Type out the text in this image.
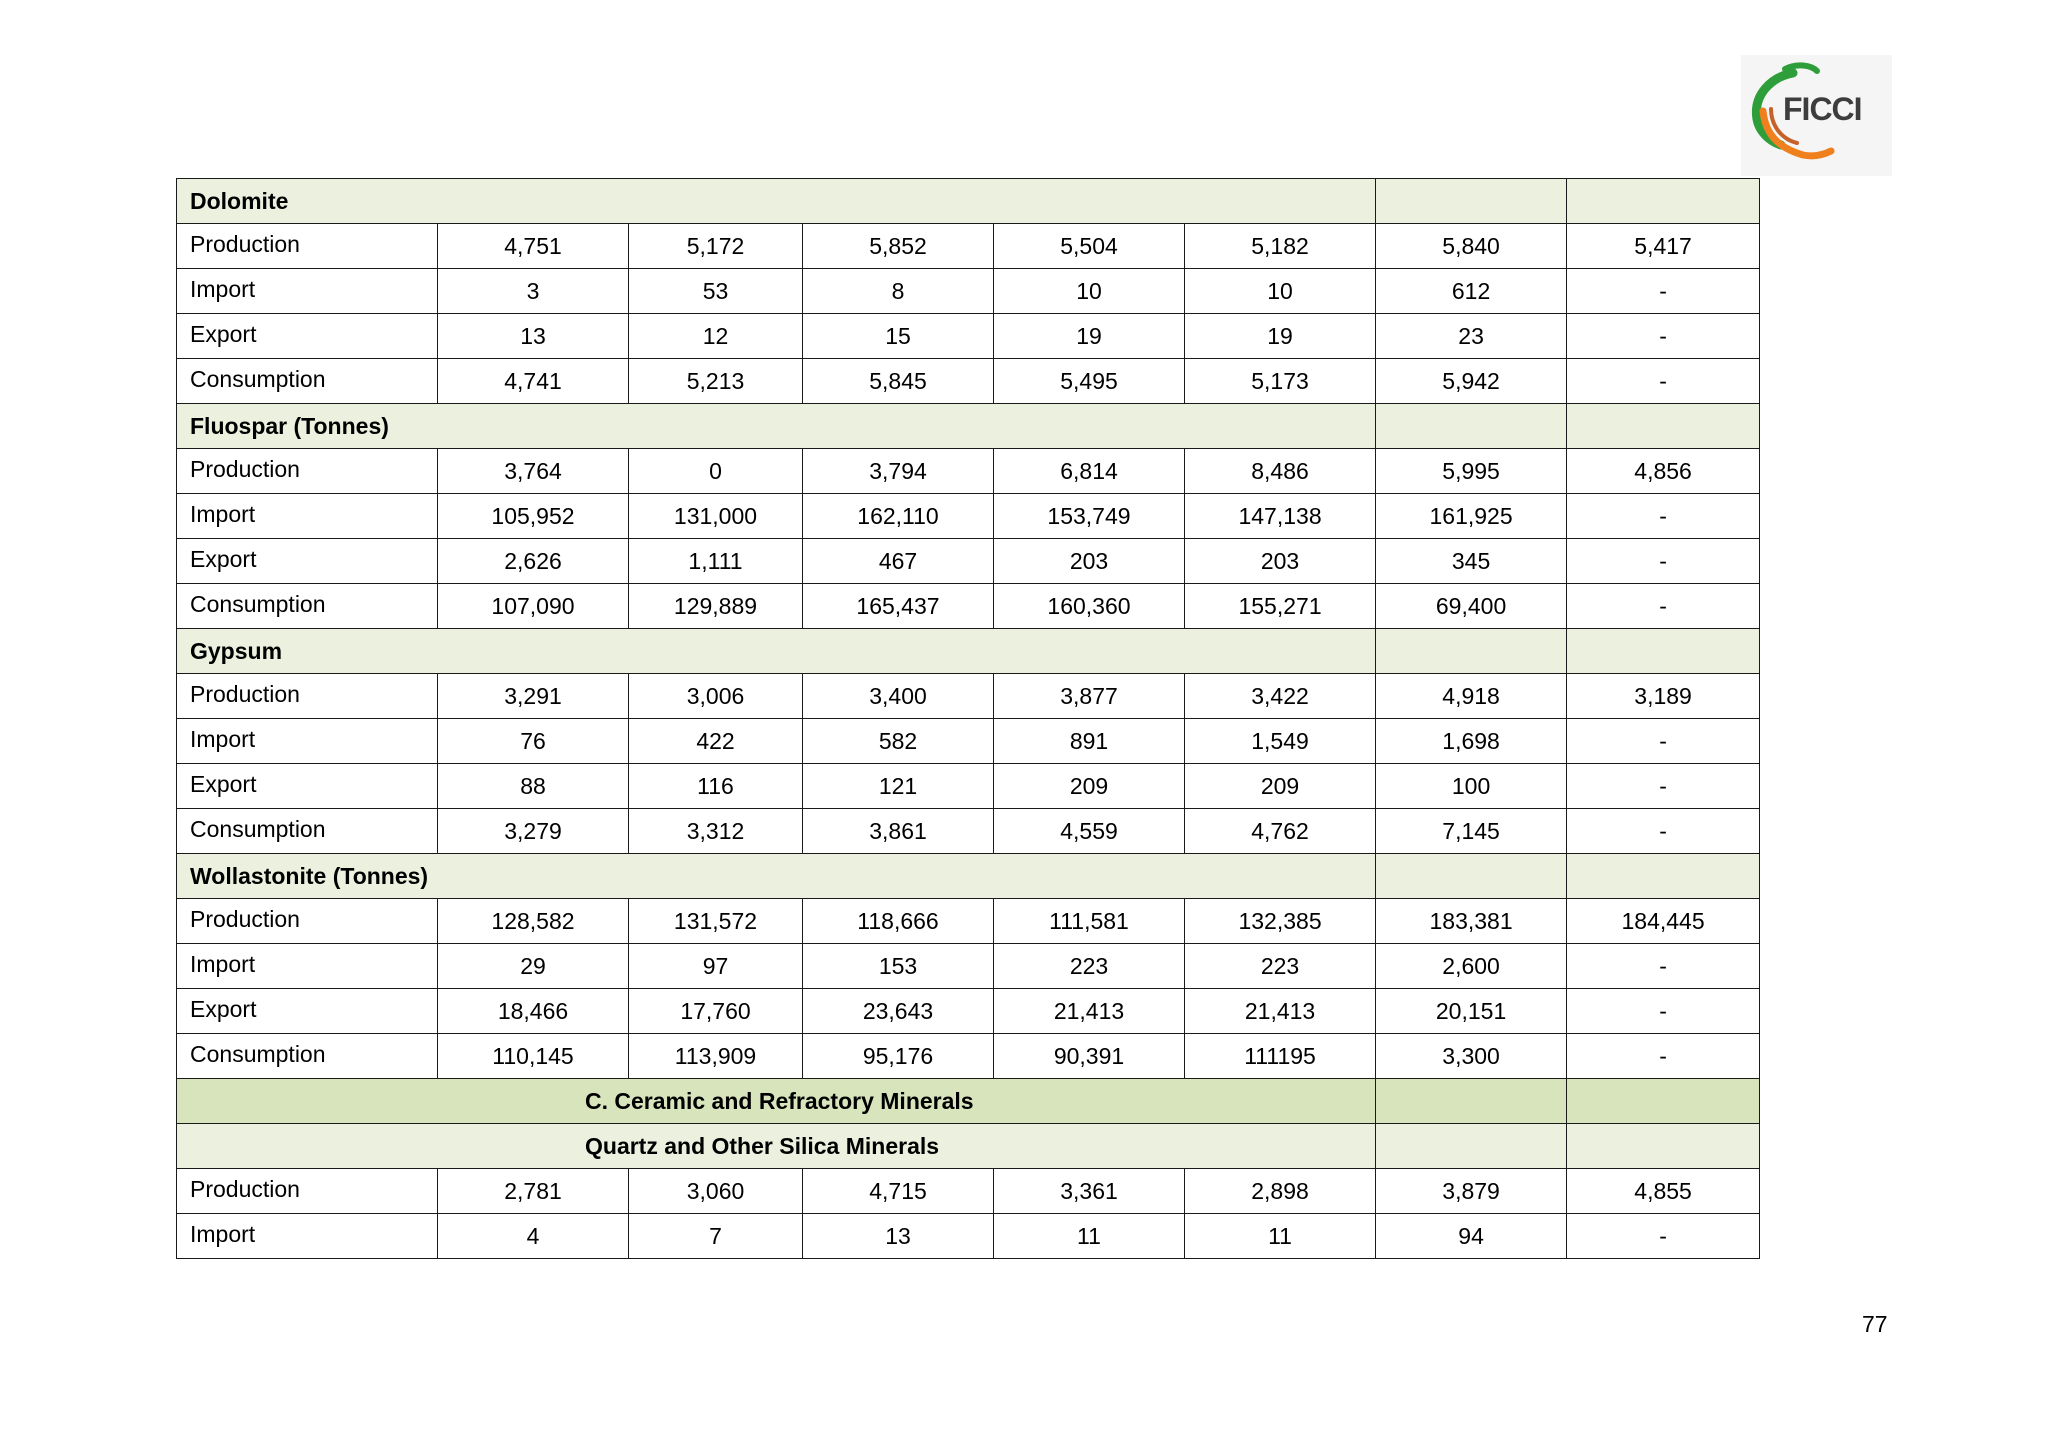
FICCI
Dolomite							
Production	4,751	5,172	5,852	5,504	5,182	5,840	5,417
Import	3	53	8	10	10	612	-
Export	13	12	15	19	19	23	-
Consumption	4,741	5,213	5,845	5,495	5,173	5,942	-
Fluospar (Tonnes)							
Production	3,764	0	3,794	6,814	8,486	5,995	4,856
Import	105,952	131,000	162,110	153,749	147,138	161,925	-
Export	2,626	1,111	467	203	203	345	-
Consumption	107,090	129,889	165,437	160,360	155,271	69,400	-
Gypsum							
Production	3,291	3,006	3,400	3,877	3,422	4,918	3,189
Import	76	422	582	891	1,549	1,698	-
Export	88	116	121	209	209	100	-
Consumption	3,279	3,312	3,861	4,559	4,762	7,145	-
Wollastonite (Tonnes)							
Production	128,582	131,572	118,666	111,581	132,385	183,381	184,445
Import	29	97	153	223	223	2,600	-
Export	18,466	17,760	23,643	21,413	21,413	20,151	-
Consumption	110,145	113,909	95,176	90,391	111195	3,300	-
C. Ceramic and Refractory Minerals							
Quartz and Other Silica Minerals							
Production	2,781	3,060	4,715	3,361	2,898	3,879	4,855
Import	4	7	13	11	11	94	-
77
